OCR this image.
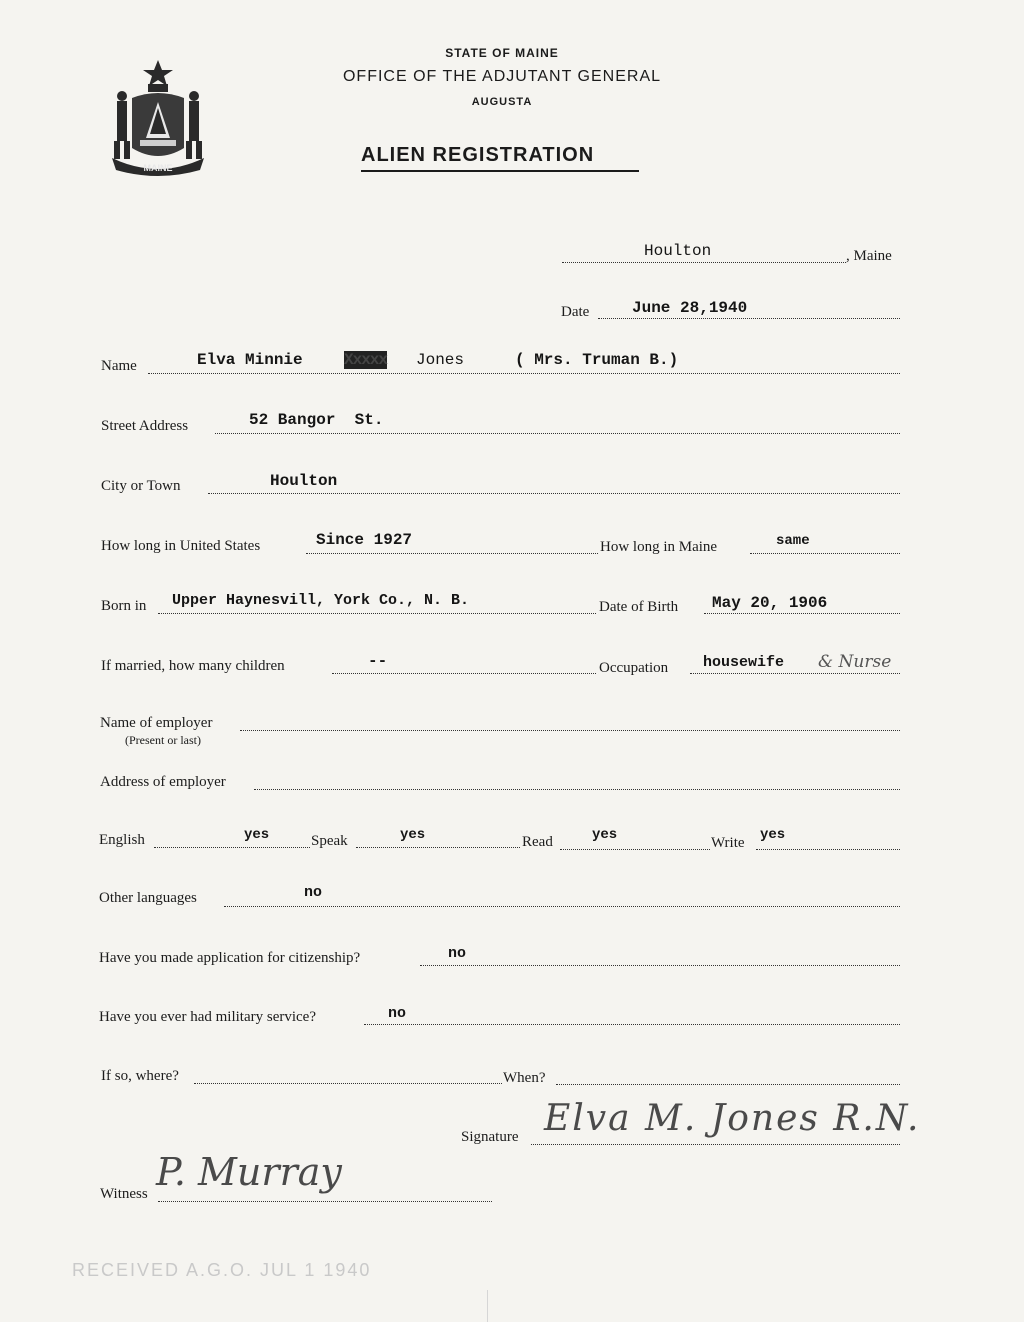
MAINE
STATE OF MAINE
OFFICE OF THE ADJUTANT GENERAL
AUGUSTA
ALIEN REGISTRATION
Houlton	, Maine
Date	June 28,1940
Name	Elva Minnie	Xxxxx Jones	( Mrs. Truman B.)
Street Address	52 Bangor  St.
City or Town	Houlton
How long in United States	Since 1927	How long in Maine	same
Born in Upper Haynesvill, York Co., N. B.	Date of Birth May 20, 1906
If married, how many children	--	Occupation housewife & Nurse
Name of employer
(Present or last)
Address of employer
English	yes	Speak	yes	Read	yes	Write yes
Other languages	no
Have you made application for citizenship?	no
Have you ever had military service?	no
If so, where?	When?
Signature Elva M. Jones R.N.
Witness P. Murray
RECEIVED A.G.O. JUL 1 1940
